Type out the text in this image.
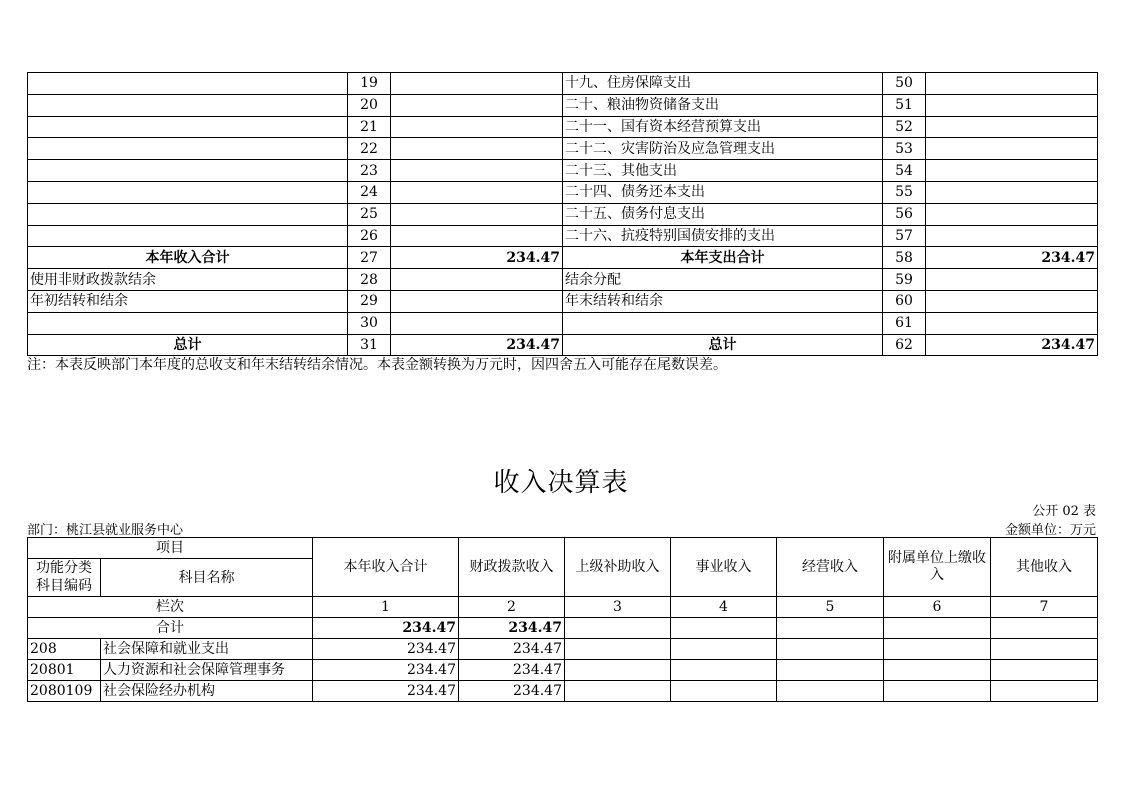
	19		十九、住房保障支出	50	
	20		二十、粮油物资储备支出	51	
	21		二十一、国有资本经营预算支出	52	
	22		二十二、灾害防治及应急管理支出	53	
	23		二十三、其他支出	54	
	24		二十四、债务还本支出	55	
	25		二十五、债务付息支出	56	
	26		二十六、抗疫特别国债安排的支出	57	
本年收入合计	27	234.47	本年支出合计	58	234.47
使用非财政拨款结余	28		结余分配	59	
年初结转和结余	29		年末结转和结余	60	
	30			61	
总计	31	234.47	总计	62	234.47
注：本表反映部门本年度的总收支和年末结转结余情况。本表金额转换为万元时，因四舍五入可能存在尾数误差。
收入决算表
公开 02 表
部门：桃江县就业服务中心	金额单位：万元
项目		本年收入合计	财政拨款收入	上级补助收入	事业收入	经营收入	附属单位上缴收入	其他收入
功能分类科目编码	科目名称							
栏次		1	2	3	4	5	6	7
合计		234.47	234.47					
208	社会保障和就业支出	234.47	234.47					
20801	人力资源和社会保障管理事务	234.47	234.47					
2080109	社会保险经办机构	234.47	234.47					
